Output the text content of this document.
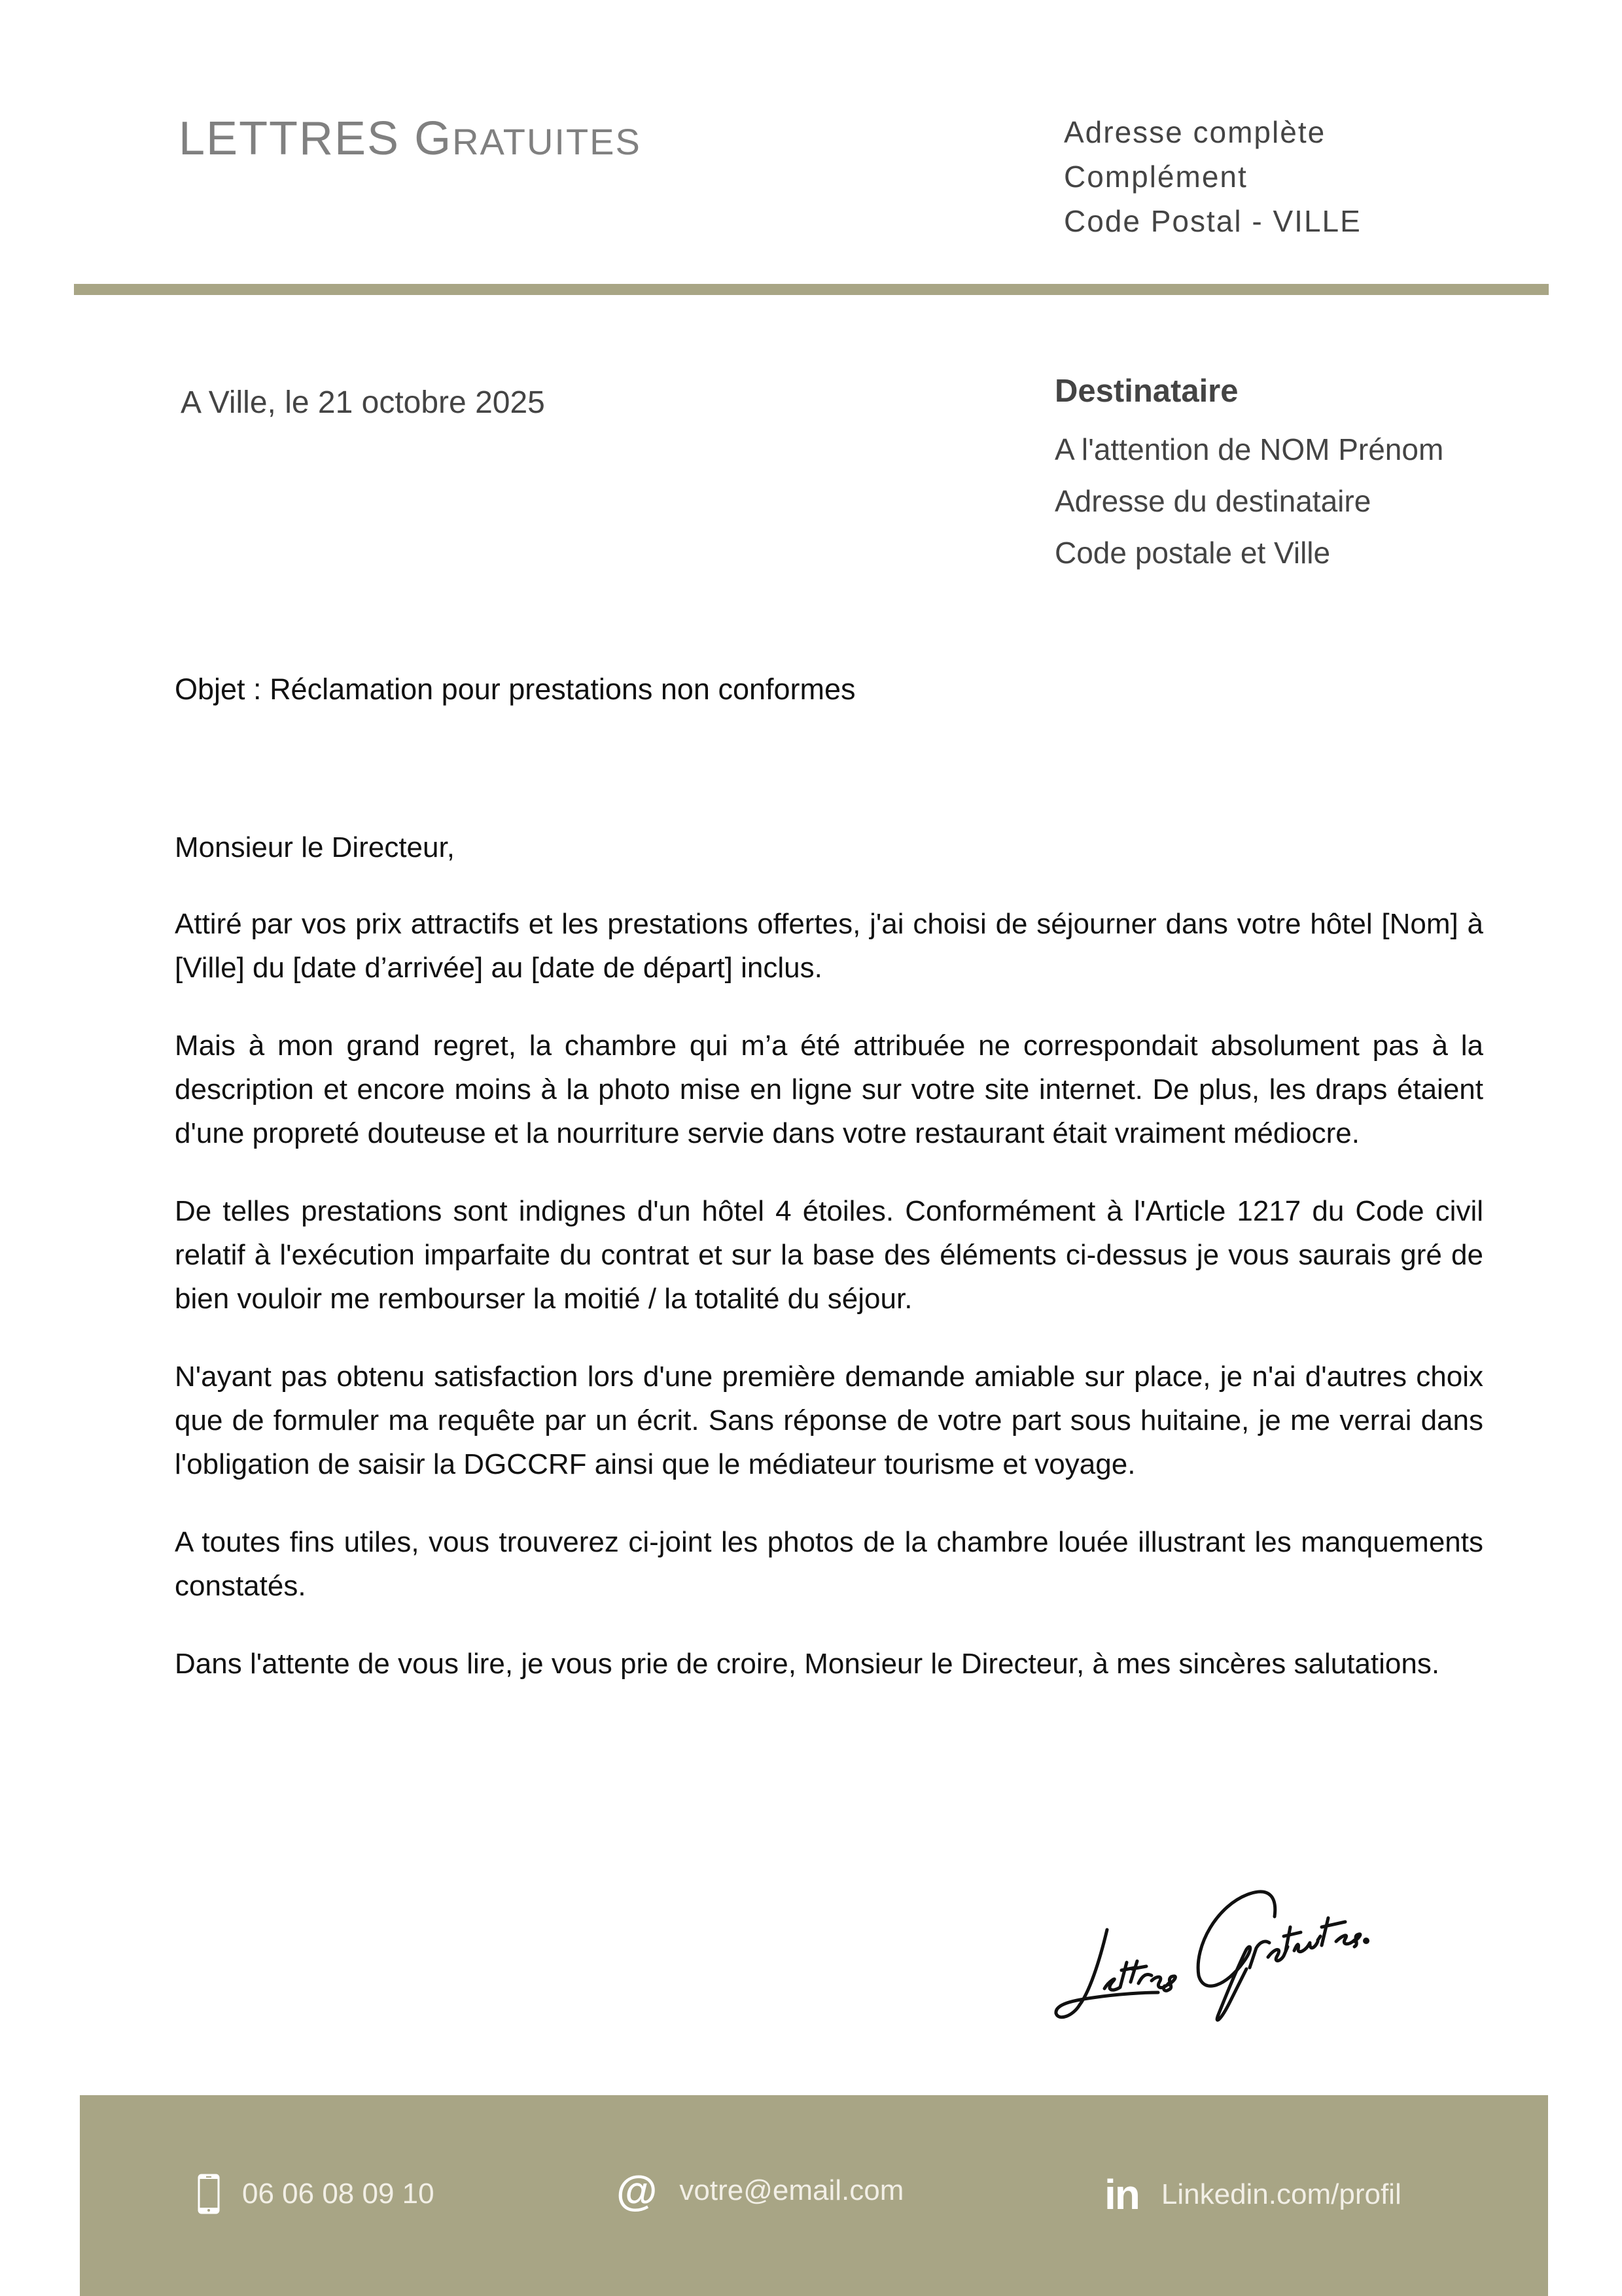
LETTRES GRATUITES	Adresse complète
Complément
Code Postal - VILLE
A Ville, le 21 octobre 2025	Destinataire
A l'attention de NOM Prénom
Adresse du destinataire
Code postale et Ville
Objet : Réclamation pour prestations non conformes

Monsieur le Directeur,

Attiré par vos prix attractifs et les prestations offertes, j'ai choisi de séjourner dans votre hôtel [Nom] à [Ville] du [date d’arrivée] au [date de départ] inclus.

Mais à mon grand regret, la chambre qui m’a été attribuée ne correspondait absolument pas à la description et encore moins à la photo mise en ligne sur votre site internet. De plus, les draps étaient d'une propreté douteuse et la nourriture servie dans votre restaurant était vraiment médiocre.

De telles prestations sont indignes d'un hôtel 4 étoiles. Conformément à l'Article 1217 du Code civil relatif à l'exécution imparfaite du contrat et sur la base des éléments ci-dessus je vous saurais gré de bien vouloir me rembourser la moitié / la totalité du séjour.

N'ayant pas obtenu satisfaction lors d'une première demande amiable sur place, je n'ai d'autres choix que de formuler ma requête par un écrit. Sans réponse de votre part sous huitaine, je me verrai dans l'obligation de saisir la DGCCRF ainsi que le médiateur tourisme et voyage.

A toutes fins utiles, vous trouverez ci-joint les photos de la chambre louée illustrant les manquements constatés.

Dans l'attente de vous lire, je vous prie de croire, Monsieur le Directeur, à mes sincères salutations.

06 06 08 09 10	@ votre@email.com	in Linkedin.com/profil
